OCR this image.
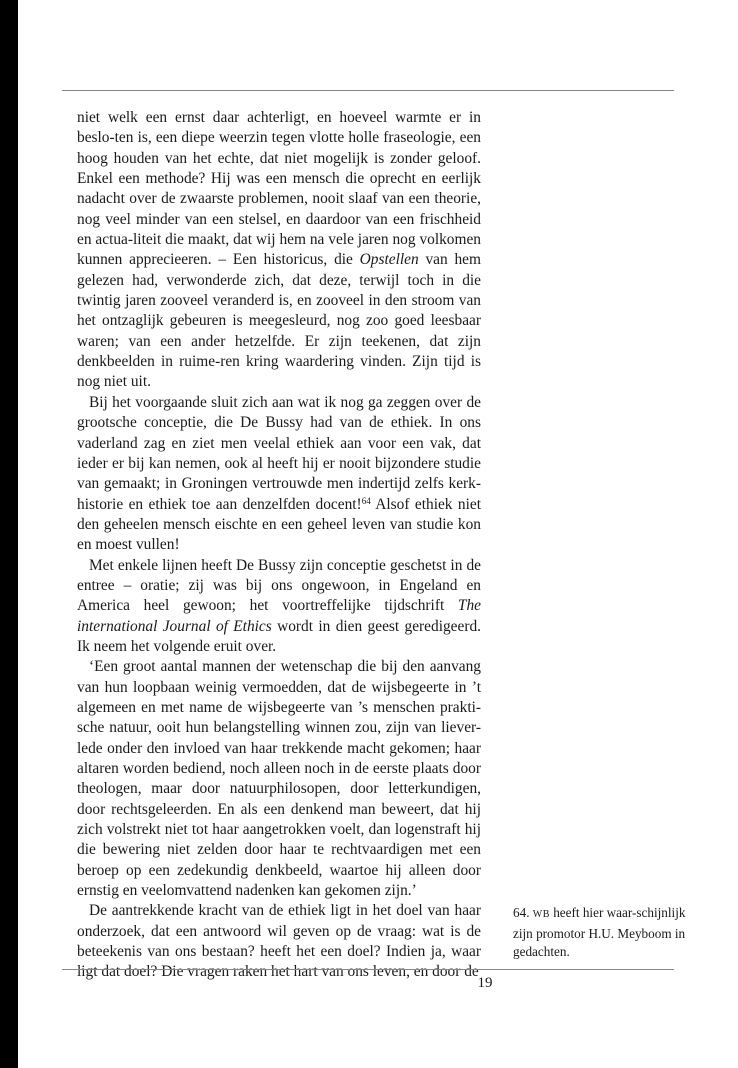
niet welk een ernst daar achterligt, en hoeveel warmte er in beslo-ten is, een diepe weerzin tegen vlotte holle fraseologie, een hoog houden van het echte, dat niet mogelijk is zonder geloof. Enkel een methode? Hij was een mensch die oprecht en eerlijk nadacht over de zwaarste problemen, nooit slaaf van een theorie, nog veel minder van een stelsel, en daardoor van een frischheid en actua-liteit die maakt, dat wij hem na vele jaren nog volkomen kunnen apprecieeren. – Een historicus, die Opstellen van hem gelezen had, verwonderde zich, dat deze, terwijl toch in die twintig jaren zooveel veranderd is, en zooveel in den stroom van het ontzaglijk gebeuren is meegesleurd, nog zoo goed leesbaar waren; van een ander hetzelfde. Er zijn teekenen, dat zijn denkbeelden in ruime-ren kring waardering vinden. Zijn tijd is nog niet uit.

Bij het voorgaande sluit zich aan wat ik nog ga zeggen over de grootsche conceptie, die De Bussy had van de ethiek. In ons vaderland zag en ziet men veelal ethiek aan voor een vak, dat ieder er bij kan nemen, ook al heeft hij er nooit bijzondere studie van gemaakt; in Groningen vertrouwde men indertijd zelfs kerk-historie en ethiek toe aan denzelfden docent!$^{64}$ Alsof ethiek niet den geheelen mensch eischte en een geheel leven van studie kon en moest vullen!

Met enkele lijnen heeft De Bussy zijn conceptie geschetst in de entree – oratie; zij was bij ons ongewoon, in Engeland en America heel gewoon; het voortreffelijke tijdschrift The international Journal of Ethics wordt in dien geest geredigeerd. Ik neem het volgende eruit over.

‘Een groot aantal mannen der wetenschap die bij den aanvang van hun loopbaan weinig vermoedden, dat de wijsbegeerte in ’t algemeen en met name de wijsbegeerte van ’s menschen prakti-sche natuur, ooit hun belangstelling winnen zou, zijn van liever-lede onder den invloed van haar trekkende macht gekomen; haar altaren worden bediend, noch alleen noch in de eerste plaats door theologen, maar door natuurphilosopen, door letterkundigen, door rechtsgeleerden. En als een denkend man beweert, dat hij zich volstrekt niet tot haar aangetrokken voelt, dan logenstraft hij die bewering niet zelden door haar te rechtvaardigen met een beroep op een zedekundig denkbeeld, waartoe hij alleen door ernstig en veelomvattend nadenken kan gekomen zijn.’

De aantrekkende kracht van de ethiek ligt in het doel van haar onderzoek, dat een antwoord wil geven op de vraag: wat is de beteekenis van ons bestaan? heeft het een doel? Indien ja, waar ligt dat doel? Die vragen raken het hart van ons leven, en door de

64. WB heeft hier waar-schijnlijk zijn promotor H.U. Meyboom in gedachten.
19
